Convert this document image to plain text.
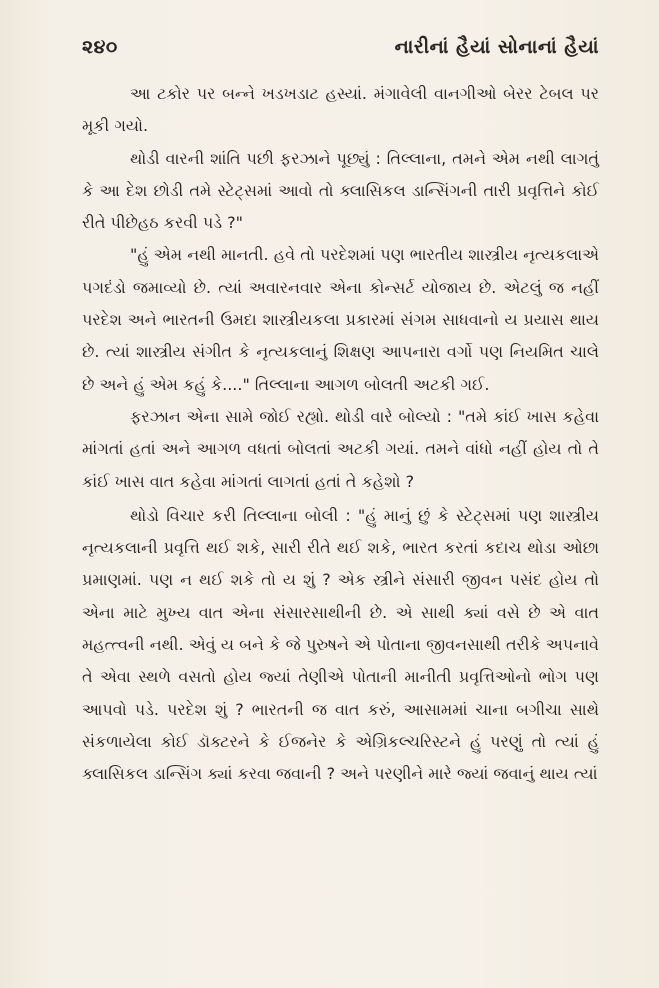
૨૪૦	નારીનાં હૈયાં સોનાનાં હૈયાં

આ ટકોર પર બન્ને ખડખડાટ હસ્યાં. મંગાવેલી વાનગીઓ બેરર ટેબલ પર મૂકી ગયો.

થોડી વારની શાંતિ પછી ફરઝાને પૂછ્યું : તિલ્લાના, તમને એમ નથી લાગતું કે આ દેશ છોડી તમે સ્ટેટ્સમાં આવો તો ક્લાસિકલ ડાન્સિંગની તારી પ્રવૃત્તિને કોઈ રીતે પીછેહઠ કરવી પડે ?"

"હું એમ નથી માનતી. હવે તો પરદેશમાં પણ ભારતીય શાસ્ત્રીય નૃત્યકલાએ પગદંડો જમાવ્યો છે. ત્યાં અવારનવાર એના કોન્સર્ટ યોજાય છે. એટલું જ નહીં પરદેશ અને ભારતની ઉમદા શાસ્ત્રીયકલા પ્રકારમાં સંગમ સાધવાનો ય પ્રયાસ થાય છે. ત્યાં શાસ્ત્રીય સંગીત કે નૃત્યકલાનું શિક્ષણ આપનારા વર્ગો પણ નિયમિત ચાલે છે અને હું એમ કહું કે...." તિલ્લાના આગળ બોલતી અટકી ગઈ.

ફરઝાન એના સામે જોઈ રહ્યો. થોડી વારે બોલ્યો : "તમે કાંઈ ખાસ કહેવા માંગતાં હતાં અને આગળ વધતાં બોલતાં અટકી ગયાં. તમને વાંધો નહીં હોય તો તે કાંઈ ખાસ વાત કહેવા માંગતાં લાગતાં હતાં તે કહેશો ?

થોડો વિચાર કરી તિલ્લાના બોલી : "હું માનું છું કે સ્ટેટ્સમાં પણ શાસ્ત્રીય નૃત્યકલાની પ્રવૃત્તિ થઈ શકે, સારી રીતે થઈ શકે, ભારત કરતાં કદાચ થોડા ઓછા પ્રમાણમાં. પણ ન થઈ શકે તો ય શું ? એક સ્ત્રીને સંસારી જીવન પસંદ હોય તો એના માટે મુખ્ય વાત એના સંસારસાથીની છે. એ સાથી ક્યાં વસે છે એ વાત મહત્ત્વની નથી. એવું ય બને કે જે પુરુષને એ પોતાના જીવનસાથી તરીકે અપનાવે તે એવા સ્થળે વસતો હોય જ્યાં તેણીએ પોતાની માનીતી પ્રવૃત્તિઓનો ભોગ પણ આપવો પડે. પરદેશ શું ? ભારતની જ વાત કરું, આસામમાં ચાના બગીચા સાથે સંકળાયેલા કોઈ ડૉક્ટરને કે ઈજનેર કે એગ્રિકલ્ચરિસ્ટને હું પરણું તો ત્યાં હું ક્લાસિકલ ડાન્સિંગ ક્યાં કરવા જવાની ? અને પરણીને મારે જ્યાં જવાનું થાય ત્યાં
